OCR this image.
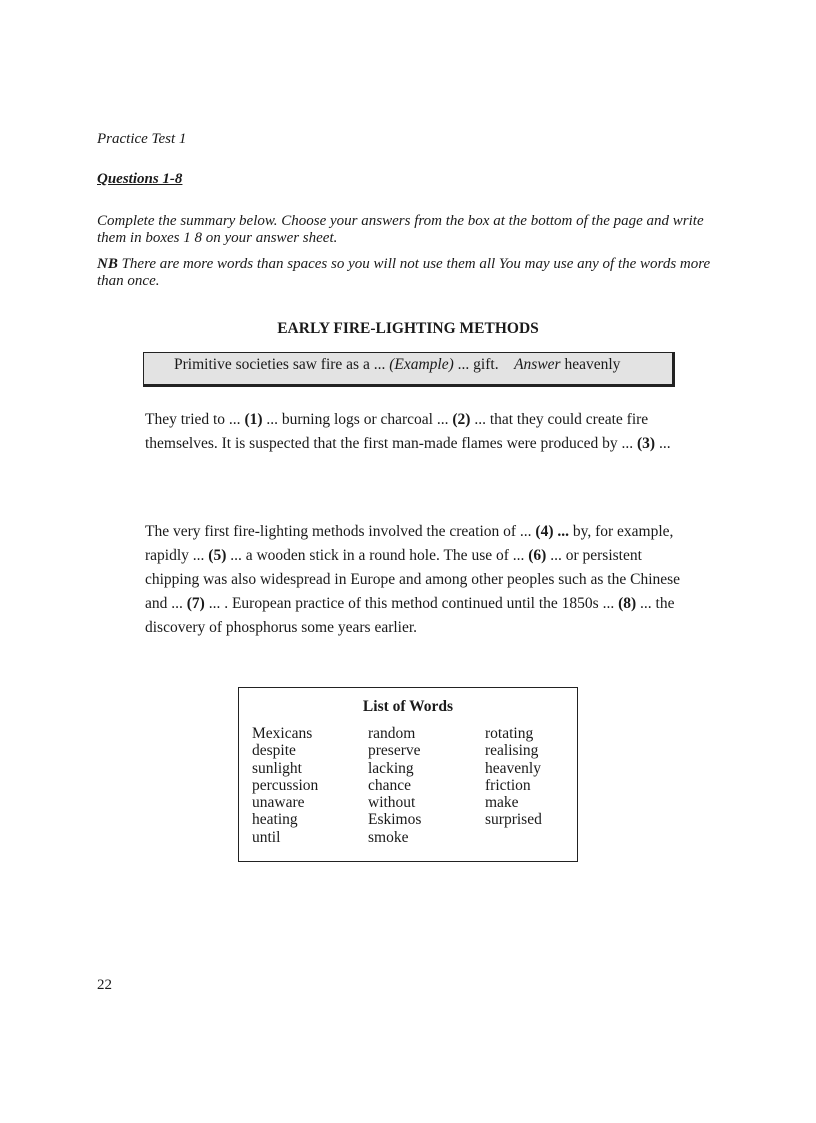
Practice Test 1
Questions 1-8
Complete the summary below. Choose your answers from the box at the bottom of the page and write them in boxes 1 8 on your answer sheet.
NB There are more words than spaces so you will not use them all You may use any of the words more than once.
EARLY FIRE-LIGHTING METHODS
Primitive societies saw fire as a ... (Example) ... gift. Answer heavenly
They tried to ... (1) ... burning logs or charcoal ... (2) ... that they could create fire themselves. It is suspected that the first man-made flames were produced by ... (3) ...
The very first fire-lighting methods involved the creation of ... (4) ... by, for example, rapidly ... (5) ... a wooden stick in a round hole. The use of ... (6) ... or persistent chipping was also widespread in Europe and among other peoples such as the Chinese and ... (7) ... . European practice of this method continued until the 1850s ... (8) ... the discovery of phosphorus some years earlier.
List of Words
Mexicans
despite
sunlight
percussion
unaware
heating
until
random
preserve
lacking
chance
without
Eskimos
smoke
rotating
realising
heavenly
friction
make
surprised
22
